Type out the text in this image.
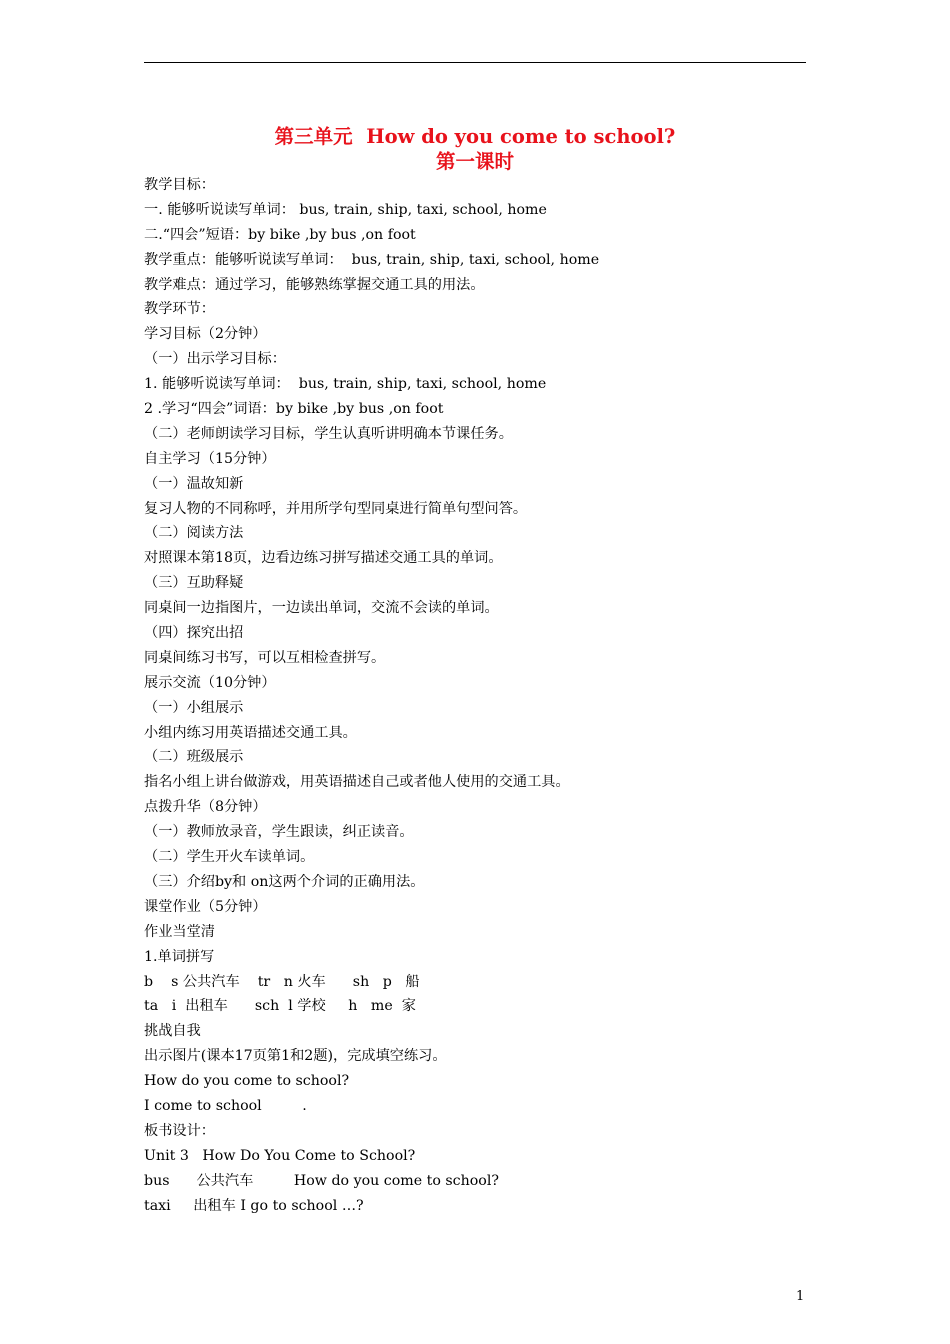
第三单元  How do you come to school?
第一课时
教学目标：
一. 能够听说读写单词： bus, train, ship, taxi, school, home
二.“四会”短语：by bike ,by bus ,on foot
教学重点：能够听说读写单词：  bus, train, ship, taxi, school, home
教学难点：通过学习，能够熟练掌握交通工具的用法。
教学环节：
学习目标（2分钟）
（一）出示学习目标：
1. 能够听说读写单词：  bus, train, ship, taxi, school, home
2 .学习“四会”词语：by bike ,by bus ,on foot
（二）老师朗读学习目标，学生认真听讲明确本节课任务。
自主学习（15分钟）
（一）温故知新
复习人物的不同称呼，并用所学句型同桌进行简单句型问答。
（二）阅读方法
对照课本第18页，边看边练习拼写描述交通工具的单词。
（三）互助释疑
同桌间一边指图片，一边读出单词，交流不会读的单词。
（四）探究出招
同桌间练习书写，可以互相检查拼写。
展示交流（10分钟）
（一）小组展示
小组内练习用英语描述交通工具。
（二）班级展示
指名小组上讲台做游戏，用英语描述自己或者他人使用的交通工具。
点拨升华（8分钟）
（一）教师放录音，学生跟读，纠正读音。
（二）学生开火车读单词。
（三）介绍by和 on这两个介词的正确用法。
课堂作业（5分钟）
作业当堂清
1.单词拼写
b    s 公共汽车    tr   n 火车      sh   p   船
ta   i  出租车      sch  l 学校     h   me  家
挑战自我
出示图片(课本17页第1和2题)，完成填空练习。
How do you come to school?
I come to school         .
板书设计：
Unit 3   How Do You Come to School?
bus      公共汽车         How do you come to school?
taxi     出租车 I go to school …?
1
